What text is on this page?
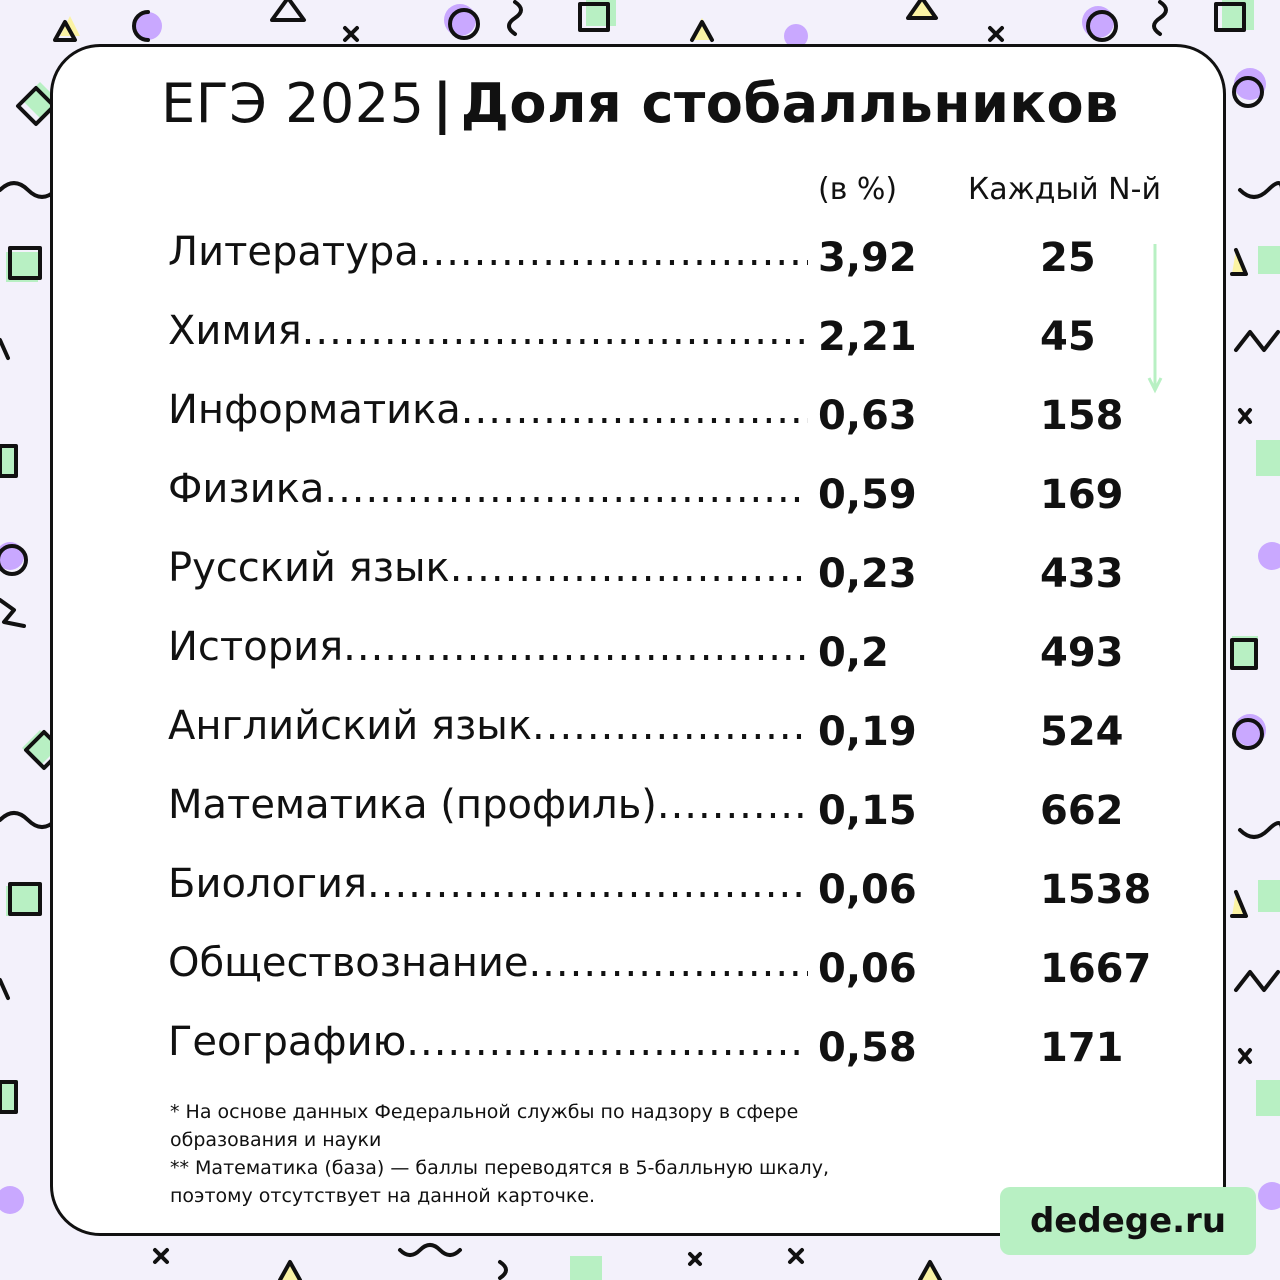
ЕГЭ 2025 | Доля стобалльников
(в %) Каждый N-й
Литература .....	3,92	25
Химия .....	2,21	45
Информатика .....	0,63	158
Физика .....	0,59	169
Русский язык .....	0,23	433
История .....	0,2	493
Английский язык .....	0,19	524
Математика (профиль) .....	0,15	662
Биология .....	0,06	1538
Обществознание .....	0,06	1667
Географию .....	0,58	171
* На основе данных Федеральной службы по надзору в сфере образования и науки
** Математика (база) — баллы переводятся в 5-балльную шкалу, поэтому отсутствует на данной карточке.
dedege.ru
